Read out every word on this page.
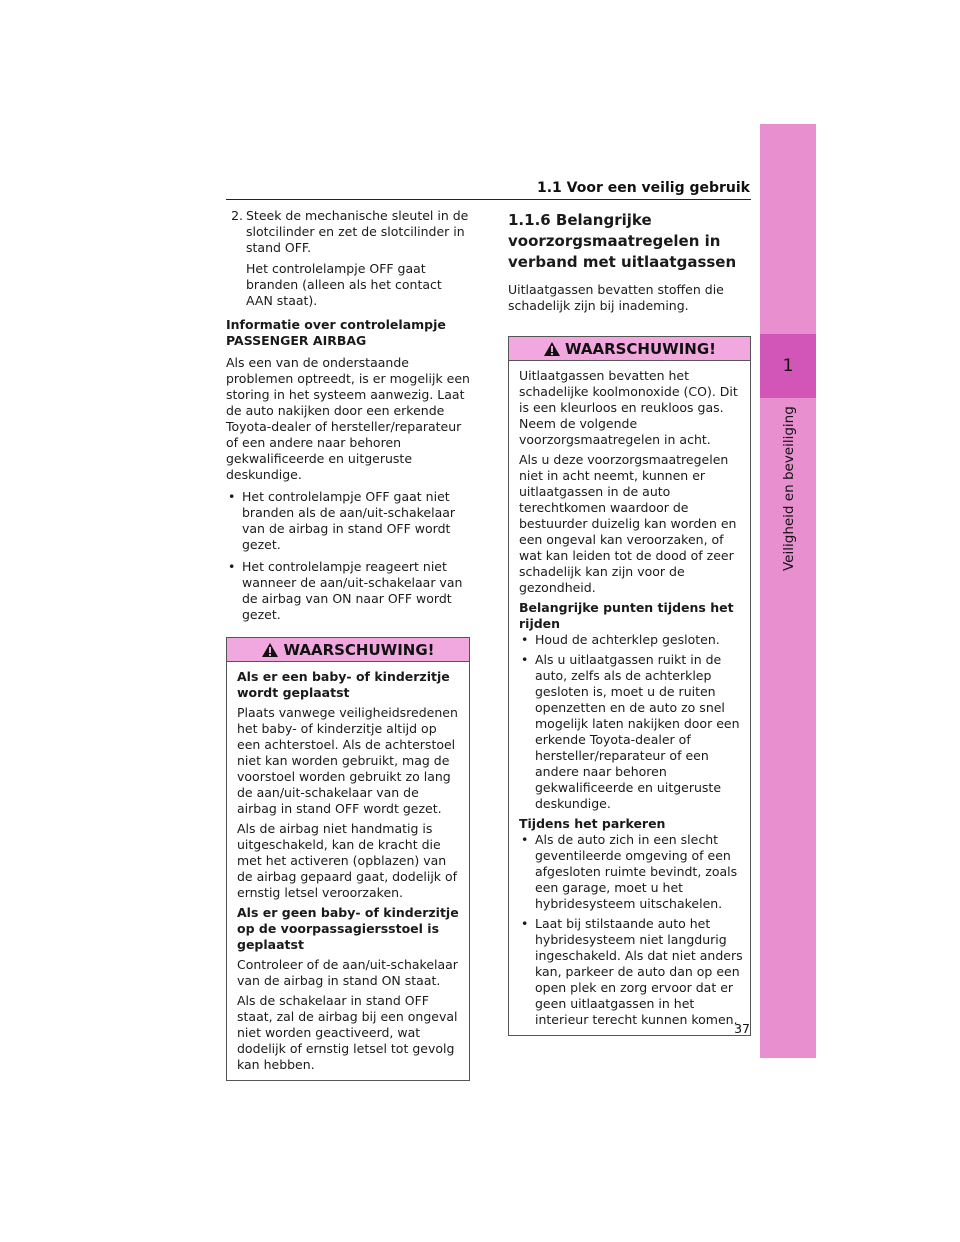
1
Veiligheid en beveiliging
1.1 Voor een veilig gebruik
2. Steek de mechanische sleutel in de slotcilinder en zet de slotcilinder in stand OFF.

Het controlelampje OFF gaat branden (alleen als het contact AAN staat).

Informatie over controlelampje PASSENGER AIRBAG

Als een van de onderstaande problemen optreedt, is er mogelijk een storing in het systeem aanwezig. Laat de auto nakijken door een erkende Toyota-dealer of hersteller/reparateur of een andere naar behoren gekwalificeerde en uitgeruste deskundige.

• Het controlelampje OFF gaat niet branden als de aan/uit-schakelaar van de airbag in stand OFF wordt gezet.
• Het controlelampje reageert niet wanneer de aan/uit-schakelaar van de airbag van ON naar OFF wordt gezet.
WAARSCHUWING!

Als er een baby- of kinderzitje wordt geplaatst

Plaats vanwege veiligheidsredenen het baby- of kinderzitje altijd op een achterstoel. Als de achterstoel niet kan worden gebruikt, mag de voorstoel worden gebruikt zo lang de aan/uit-schakelaar van de airbag in stand OFF wordt gezet.

Als de airbag niet handmatig is uitgeschakeld, kan de kracht die met het activeren (opblazen) van de airbag gepaard gaat, dodelijk of ernstig letsel veroorzaken.

Als er geen baby- of kinderzitje op de voorpassagiersstoel is geplaatst

Controleer of de aan/uit-schakelaar van de airbag in stand ON staat.

Als de schakelaar in stand OFF staat, zal de airbag bij een ongeval niet worden geactiveerd, wat dodelijk of ernstig letsel tot gevolg kan hebben.

1.1.6 Belangrijke voorzorgsmaatregelen in verband met uitlaatgassen

Uitlaatgassen bevatten stoffen die schadelijk zijn bij inademing.

WAARSCHUWING!

Uitlaatgassen bevatten het schadelijke koolmonoxide (CO). Dit is een kleurloos en reukloos gas. Neem de volgende voorzorgsmaatregelen in acht.

Als u deze voorzorgsmaatregelen niet in acht neemt, kunnen er uitlaatgassen in de auto terechtkomen waardoor de bestuurder duizelig kan worden en een ongeval kan veroorzaken, of wat kan leiden tot de dood of zeer schadelijk kan zijn voor de gezondheid.

Belangrijke punten tijdens het rijden

• Houd de achterklep gesloten.
• Als u uitlaatgassen ruikt in de auto, zelfs als de achterklep gesloten is, moet u de ruiten openzetten en de auto zo snel mogelijk laten nakijken door een erkende Toyota-dealer of hersteller/reparateur of een andere naar behoren gekwalificeerde en uitgeruste deskundige.

Tijdens het parkeren

• Als de auto zich in een slecht geventileerde omgeving of een afgesloten ruimte bevindt, zoals een garage, moet u het hybridesysteem uitschakelen.
• Laat bij stilstaande auto het hybridesysteem niet langdurig ingeschakeld. Als dat niet anders kan, parkeer de auto dan op een open plek en zorg ervoor dat er geen uitlaatgassen in het interieur terecht kunnen komen.
37
